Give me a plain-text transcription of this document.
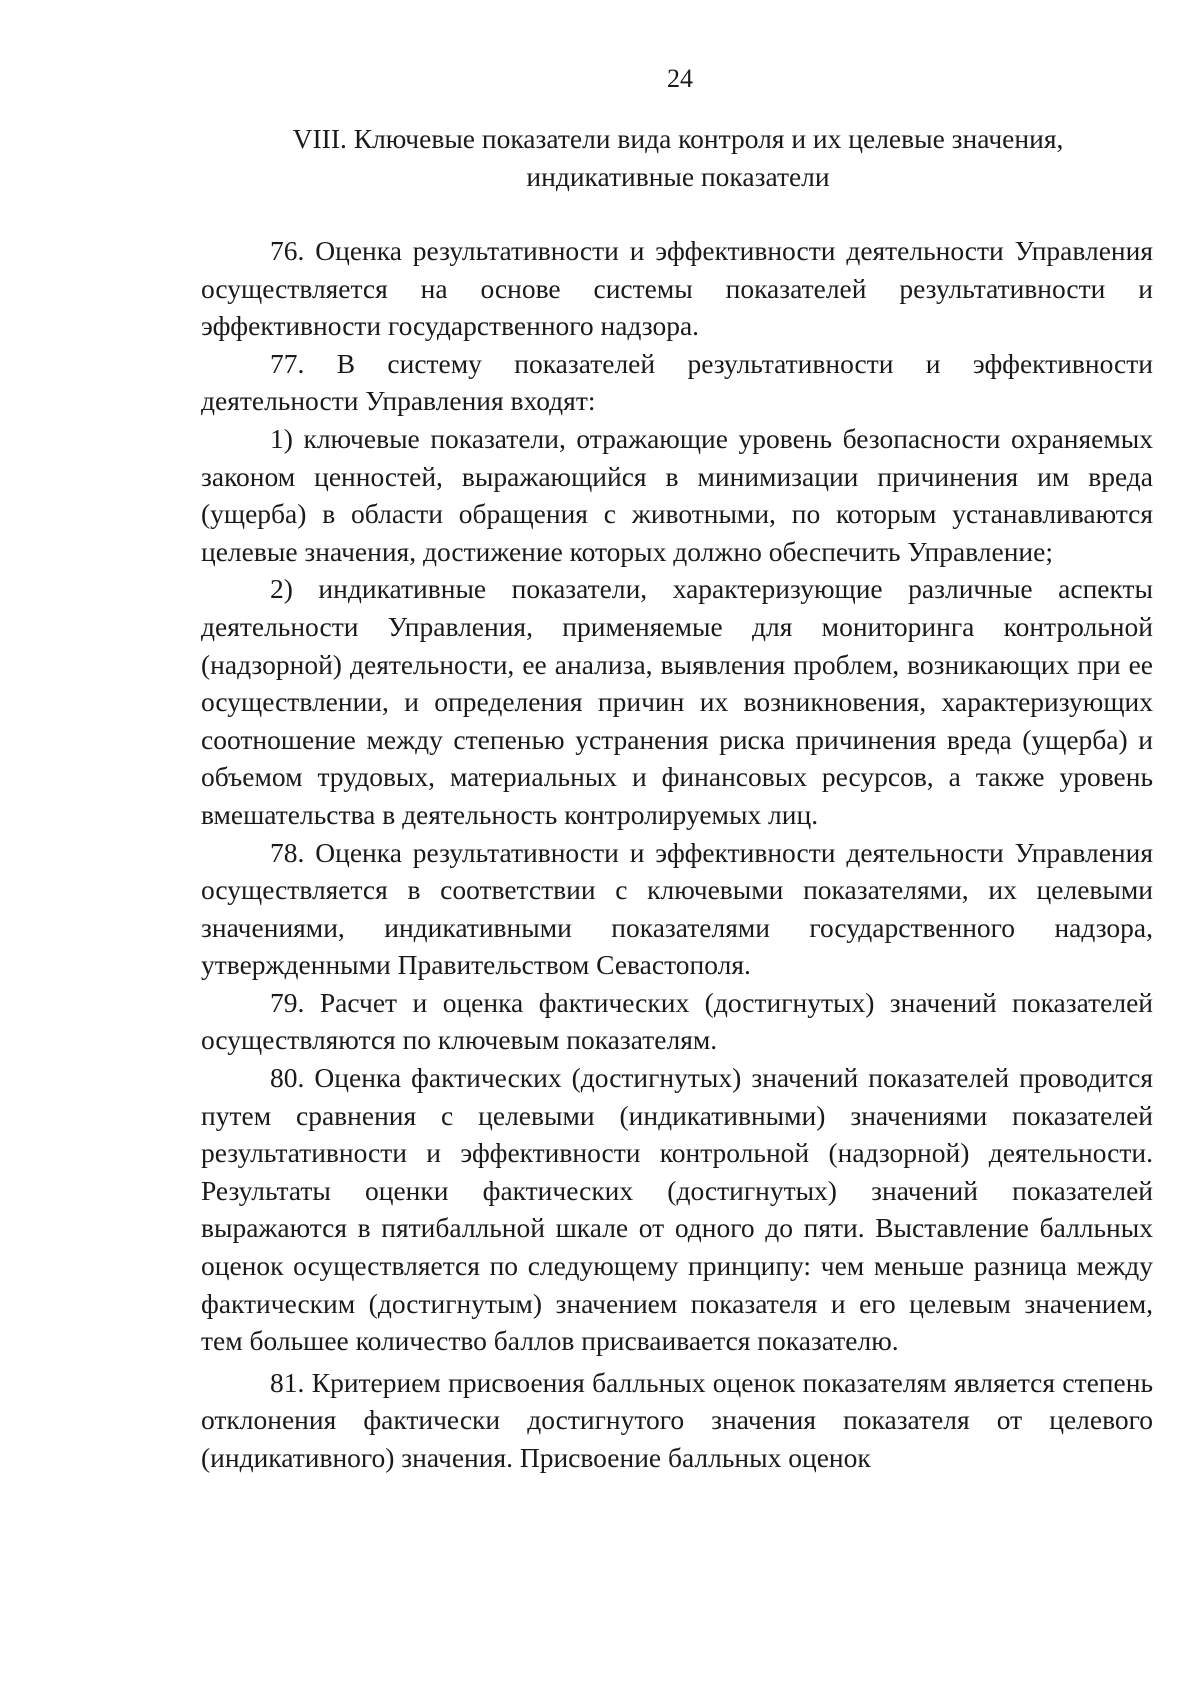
24
VIII. Ключевые показатели вида контроля и их целевые значения,
индикативные показатели

76. Оценка результативности и эффективности деятельности Управления осуществляется на основе системы показателей результативности и эффективности государственного надзора.

77. В систему показателей результативности и эффективности деятельности Управления входят:

1) ключевые показатели, отражающие уровень безопасности охраняемых законом ценностей, выражающийся в минимизации причинения им вреда (ущерба) в области обращения с животными, по которым устанавливаются целевые значения, достижение которых должно обеспечить Управление;

2) индикативные показатели, характеризующие различные аспекты деятельности Управления, применяемые для мониторинга контрольной (надзорной) деятельности, ее анализа, выявления проблем, возникающих при ее осуществлении, и определения причин их возникновения, характеризующих соотношение между степенью устранения риска причинения вреда (ущерба) и объемом трудовых, материальных и финансовых ресурсов, а также уровень вмешательства в деятельность контролируемых лиц.

78. Оценка результативности и эффективности деятельности Управления осуществляется в соответствии с ключевыми показателями, их целевыми значениями, индикативными показателями государственного надзора, утвержденными Правительством Севастополя.

79. Расчет и оценка фактических (достигнутых) значений показателей осуществляются по ключевым показателям.

80. Оценка фактических (достигнутых) значений показателей проводится путем сравнения с целевыми (индикативными) значениями показателей результативности и эффективности контрольной (надзорной) деятельности. Результаты оценки фактических (достигнутых) значений показателей выражаются в пятибалльной шкале от одного до пяти. Выставление балльных оценок осуществляется по следующему принципу: чем меньше разница между фактическим (достигнутым) значением показателя и его целевым значением, тем большее количество баллов присваивается показателю.

81. Критерием присвоения балльных оценок показателям является степень отклонения фактически достигнутого значения показателя от целевого (индикативного) значения. Присвоение балльных оценок
